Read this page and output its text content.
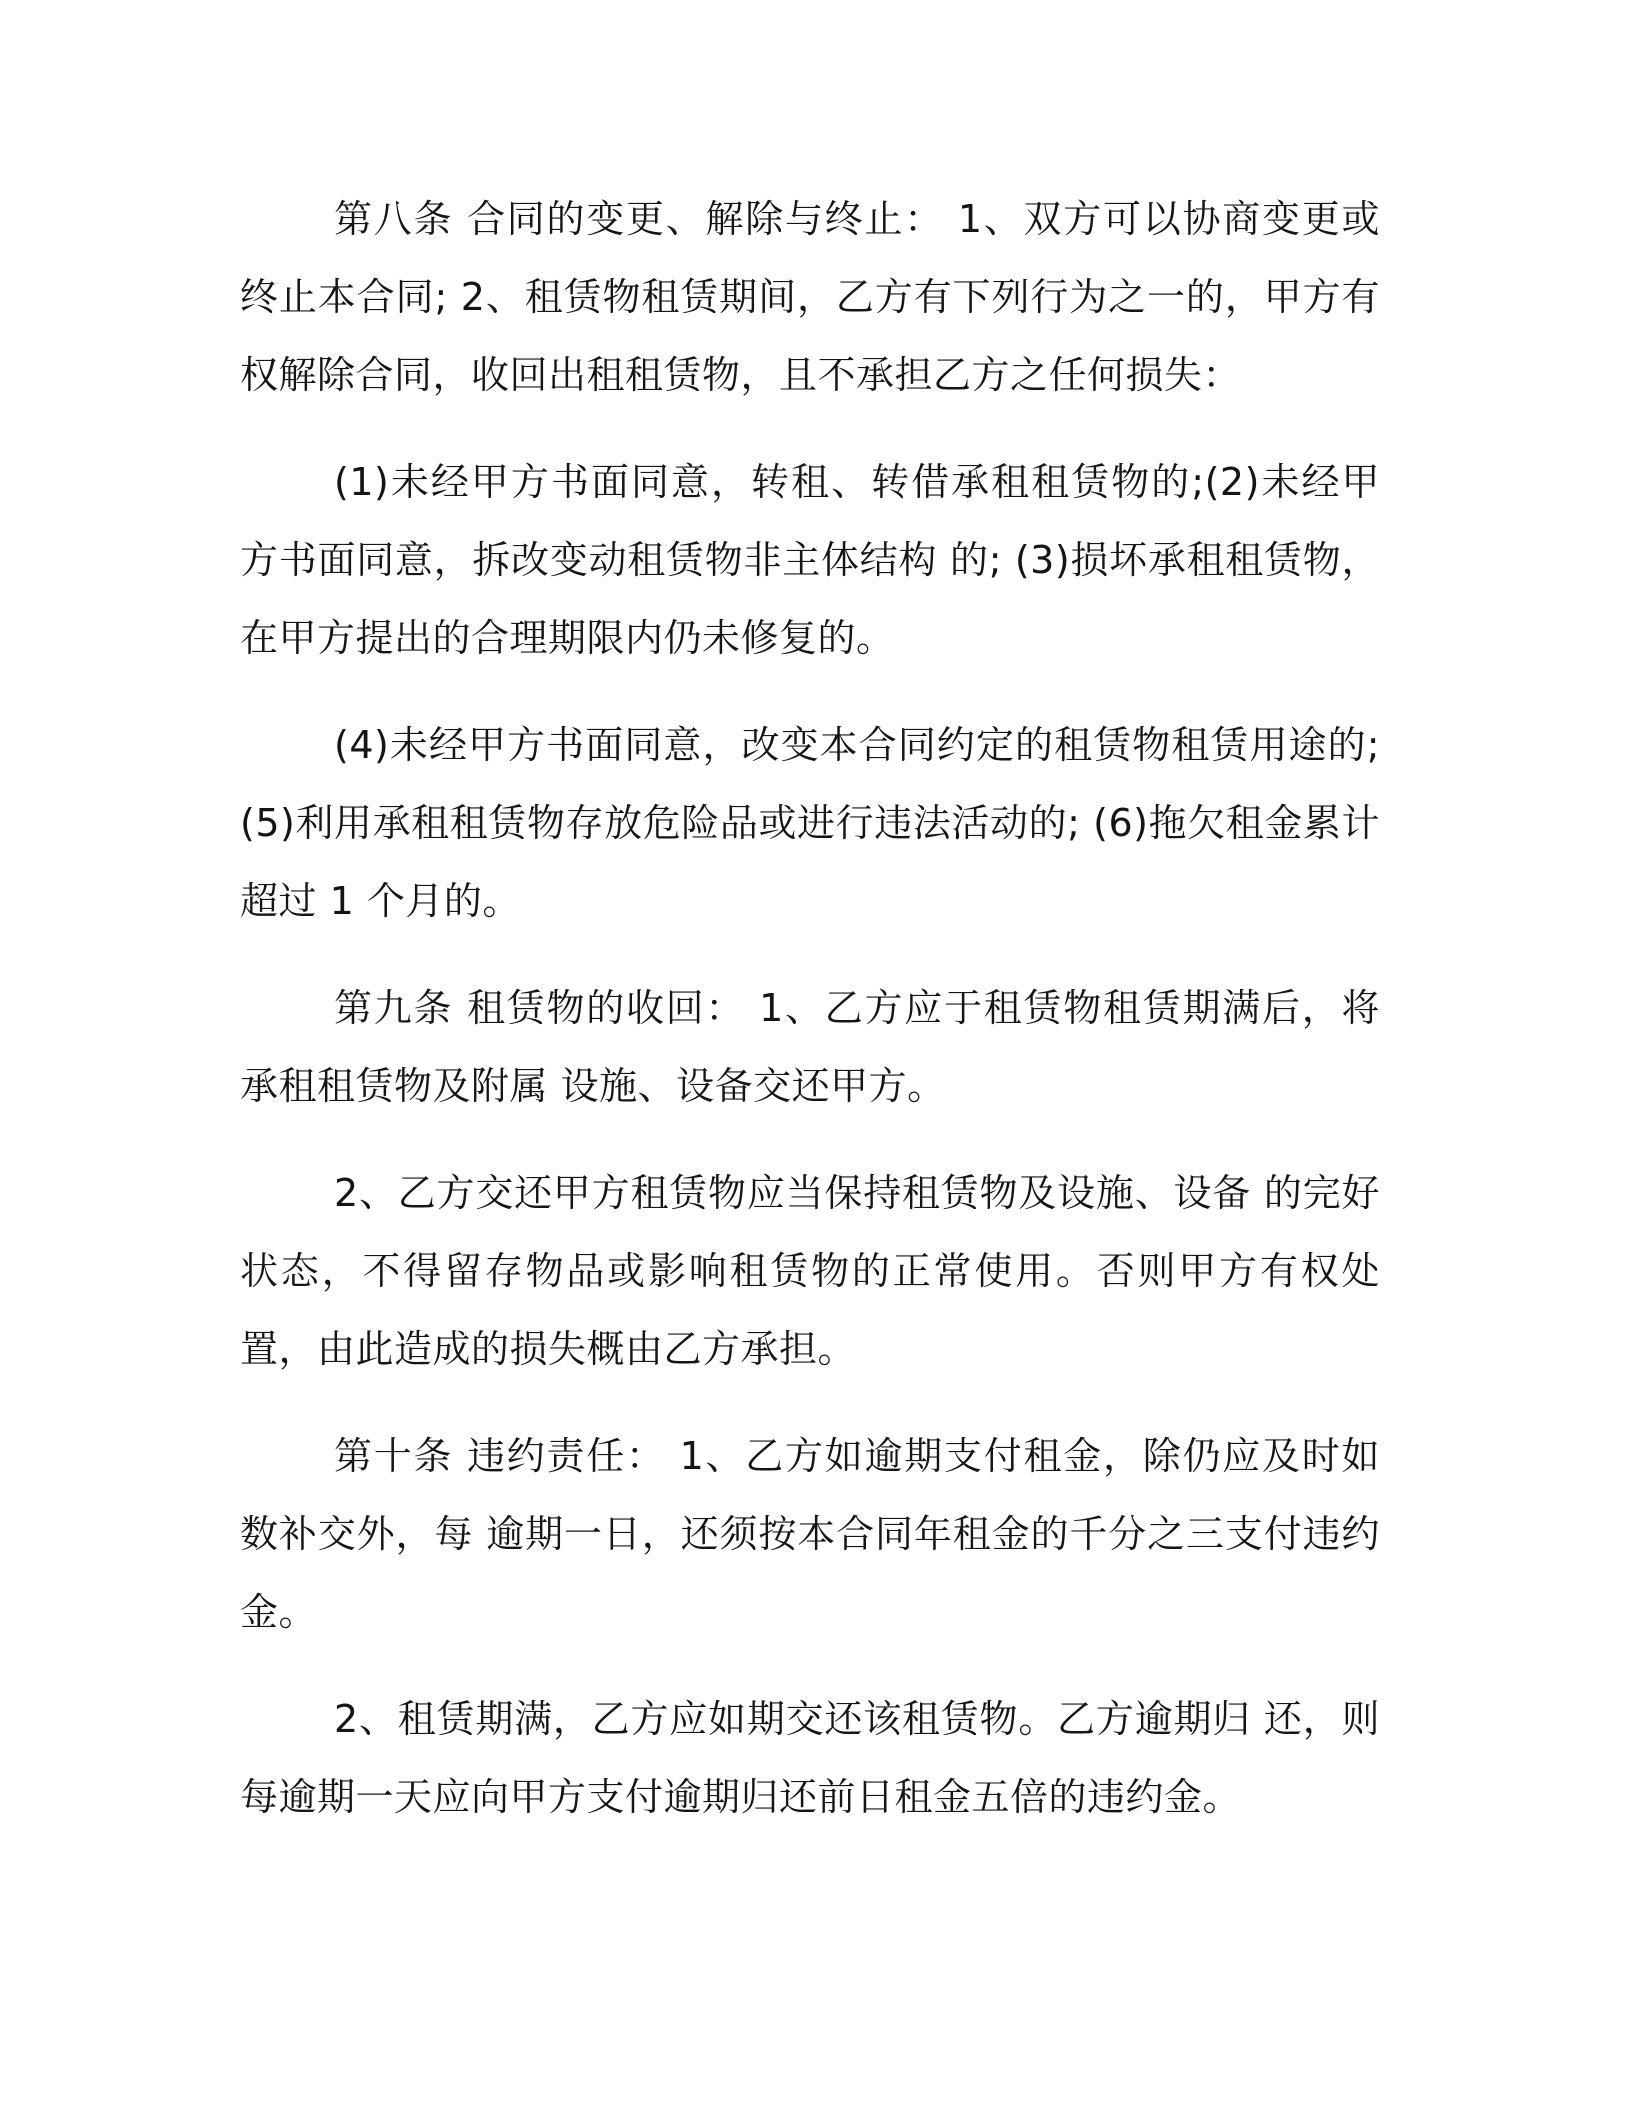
第八条 合同的变更、解除与终止： 1、双方可以协商变更或终止本合同; 2、租赁物租赁期间，乙方有下列行为之一的，甲方有权解除合同，收回出租租赁物，且不承担乙方之任何损失：

(1)未经甲方书面同意，转租、转借承租租赁物的;(2)未经甲方书面同意，拆改变动租赁物非主体结构 的; (3)损坏承租租赁物，在甲方提出的合理期限内仍未修复的。

(4)未经甲方书面同意，改变本合同约定的租赁物租赁用途的; (5)利用承租租赁物存放危险品或进行违法活动的; (6)拖欠租金累计超过 1 个月的。

第九条 租赁物的收回： 1、乙方应于租赁物租赁期满后，将承租租赁物及附属 设施、设备交还甲方。

2、乙方交还甲方租赁物应当保持租赁物及设施、设备 的完好状态，不得留存物品或影响租赁物的正常使用。否则甲方有权处置，由此造成的损失概由乙方承担。

第十条 违约责任： 1、乙方如逾期支付租金，除仍应及时如数补交外，每 逾期一日，还须按本合同年租金的千分之三支付违约金。

2、租赁期满，乙方应如期交还该租赁物。乙方逾期归 还，则每逾期一天应向甲方支付逾期归还前日租金五倍的违约金。
